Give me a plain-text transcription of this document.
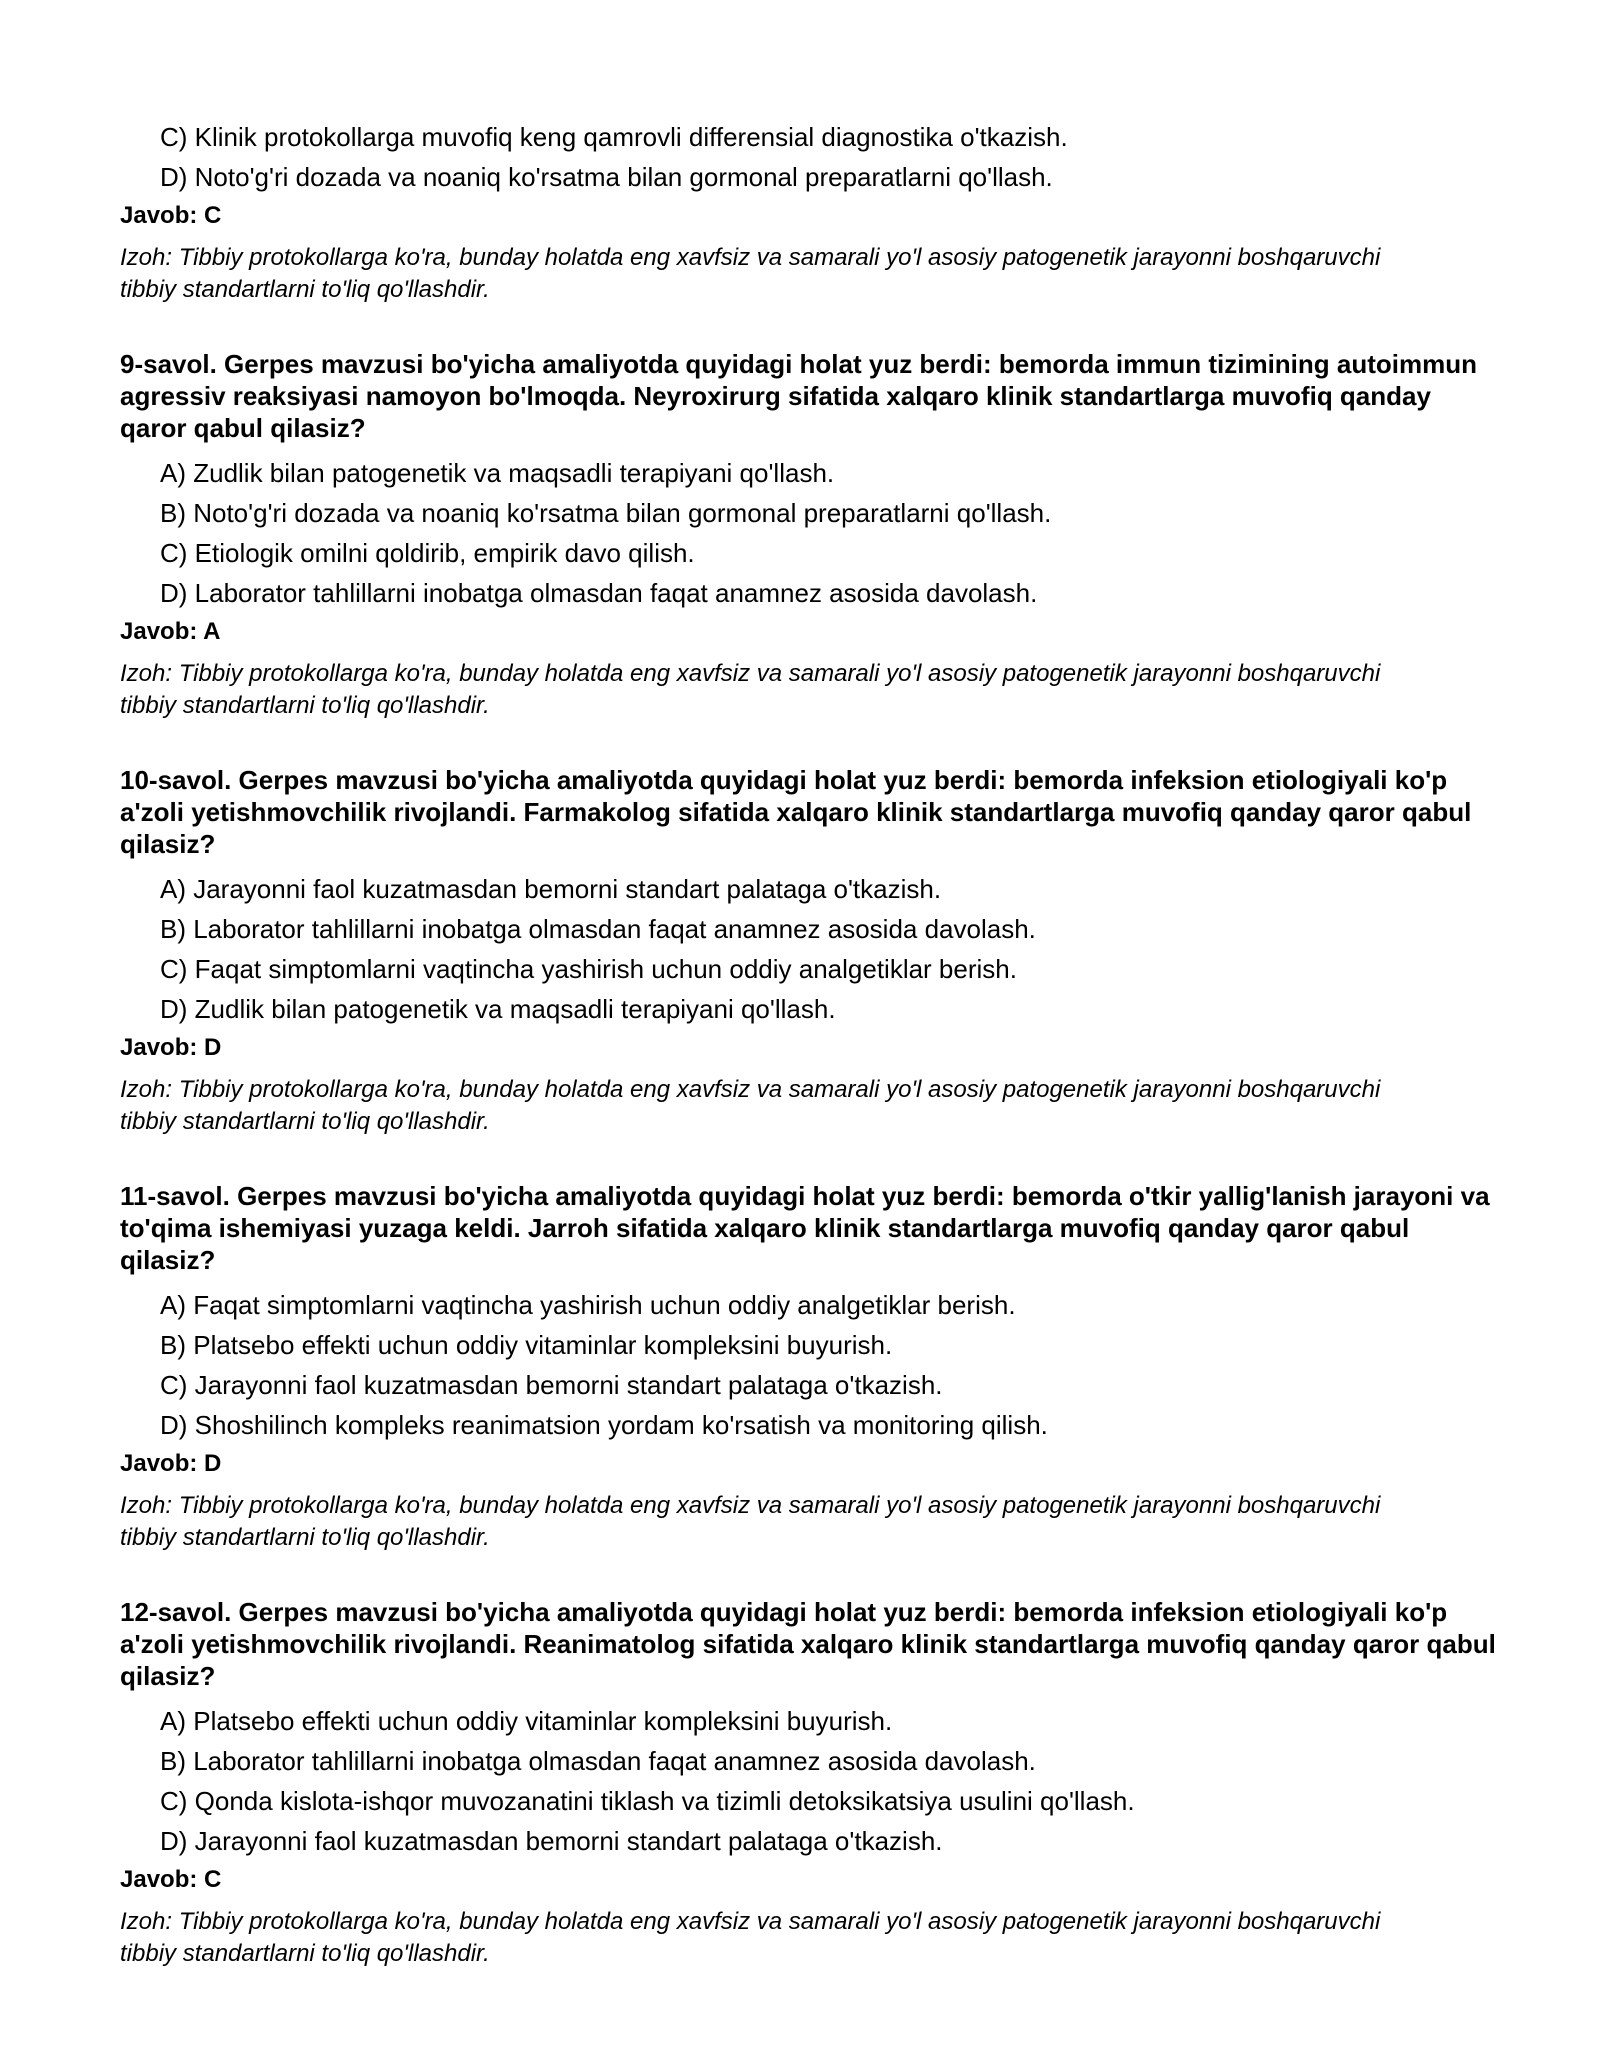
C) Klinik protokollarga muvofiq keng qamrovli differensial diagnostika o'tkazish.
D) Noto'g'ri dozada va noaniq ko'rsatma bilan gormonal preparatlarni qo'llash.
Javob: C
Izoh: Tibbiy protokollarga ko'ra, bunday holatda eng xavfsiz va samarali yo'l asosiy patogenetik jarayonni boshqaruvchi tibbiy standartlarni to'liq qo'llashdir.
9-savol. Gerpes mavzusi bo'yicha amaliyotda quyidagi holat yuz berdi: bemorda immun tizimining autoimmun agressiv reaksiyasi namoyon bo'lmoqda. Neyroxirurg sifatida xalqaro klinik standartlarga muvofiq qanday qaror qabul qilasiz?
A) Zudlik bilan patogenetik va maqsadli terapiyani qo'llash.
B) Noto'g'ri dozada va noaniq ko'rsatma bilan gormonal preparatlarni qo'llash.
C) Etiologik omilni qoldirib, empirik davo qilish.
D) Laborator tahlillarni inobatga olmasdan faqat anamnez asosida davolash.
Javob: A
Izoh: Tibbiy protokollarga ko'ra, bunday holatda eng xavfsiz va samarali yo'l asosiy patogenetik jarayonni boshqaruvchi tibbiy standartlarni to'liq qo'llashdir.
10-savol. Gerpes mavzusi bo'yicha amaliyotda quyidagi holat yuz berdi: bemorda infeksion etiologiyali ko'p a'zoli yetishmovchilik rivojlandi. Farmakolog sifatida xalqaro klinik standartlarga muvofiq qanday qaror qabul qilasiz?
A) Jarayonni faol kuzatmasdan bemorni standart palataga o'tkazish.
B) Laborator tahlillarni inobatga olmasdan faqat anamnez asosida davolash.
C) Faqat simptomlarni vaqtincha yashirish uchun oddiy analgetiklar berish.
D) Zudlik bilan patogenetik va maqsadli terapiyani qo'llash.
Javob: D
Izoh: Tibbiy protokollarga ko'ra, bunday holatda eng xavfsiz va samarali yo'l asosiy patogenetik jarayonni boshqaruvchi tibbiy standartlarni to'liq qo'llashdir.
11-savol. Gerpes mavzusi bo'yicha amaliyotda quyidagi holat yuz berdi: bemorda o'tkir yallig'lanish jarayoni va to'qima ishemiyasi yuzaga keldi. Jarroh sifatida xalqaro klinik standartlarga muvofiq qanday qaror qabul qilasiz?
A) Faqat simptomlarni vaqtincha yashirish uchun oddiy analgetiklar berish.
B) Platsebo effekti uchun oddiy vitaminlar kompleksini buyurish.
C) Jarayonni faol kuzatmasdan bemorni standart palataga o'tkazish.
D) Shoshilinch kompleks reanimatsion yordam ko'rsatish va monitoring qilish.
Javob: D
Izoh: Tibbiy protokollarga ko'ra, bunday holatda eng xavfsiz va samarali yo'l asosiy patogenetik jarayonni boshqaruvchi tibbiy standartlarni to'liq qo'llashdir.
12-savol. Gerpes mavzusi bo'yicha amaliyotda quyidagi holat yuz berdi: bemorda infeksion etiologiyali ko'p a'zoli yetishmovchilik rivojlandi. Reanimatolog sifatida xalqaro klinik standartlarga muvofiq qanday qaror qabul qilasiz?
A) Platsebo effekti uchun oddiy vitaminlar kompleksini buyurish.
B) Laborator tahlillarni inobatga olmasdan faqat anamnez asosida davolash.
C) Qonda kislota-ishqor muvozanatini tiklash va tizimli detoksikatsiya usulini qo'llash.
D) Jarayonni faol kuzatmasdan bemorni standart palataga o'tkazish.
Javob: C
Izoh: Tibbiy protokollarga ko'ra, bunday holatda eng xavfsiz va samarali yo'l asosiy patogenetik jarayonni boshqaruvchi tibbiy standartlarni to'liq qo'llashdir.
